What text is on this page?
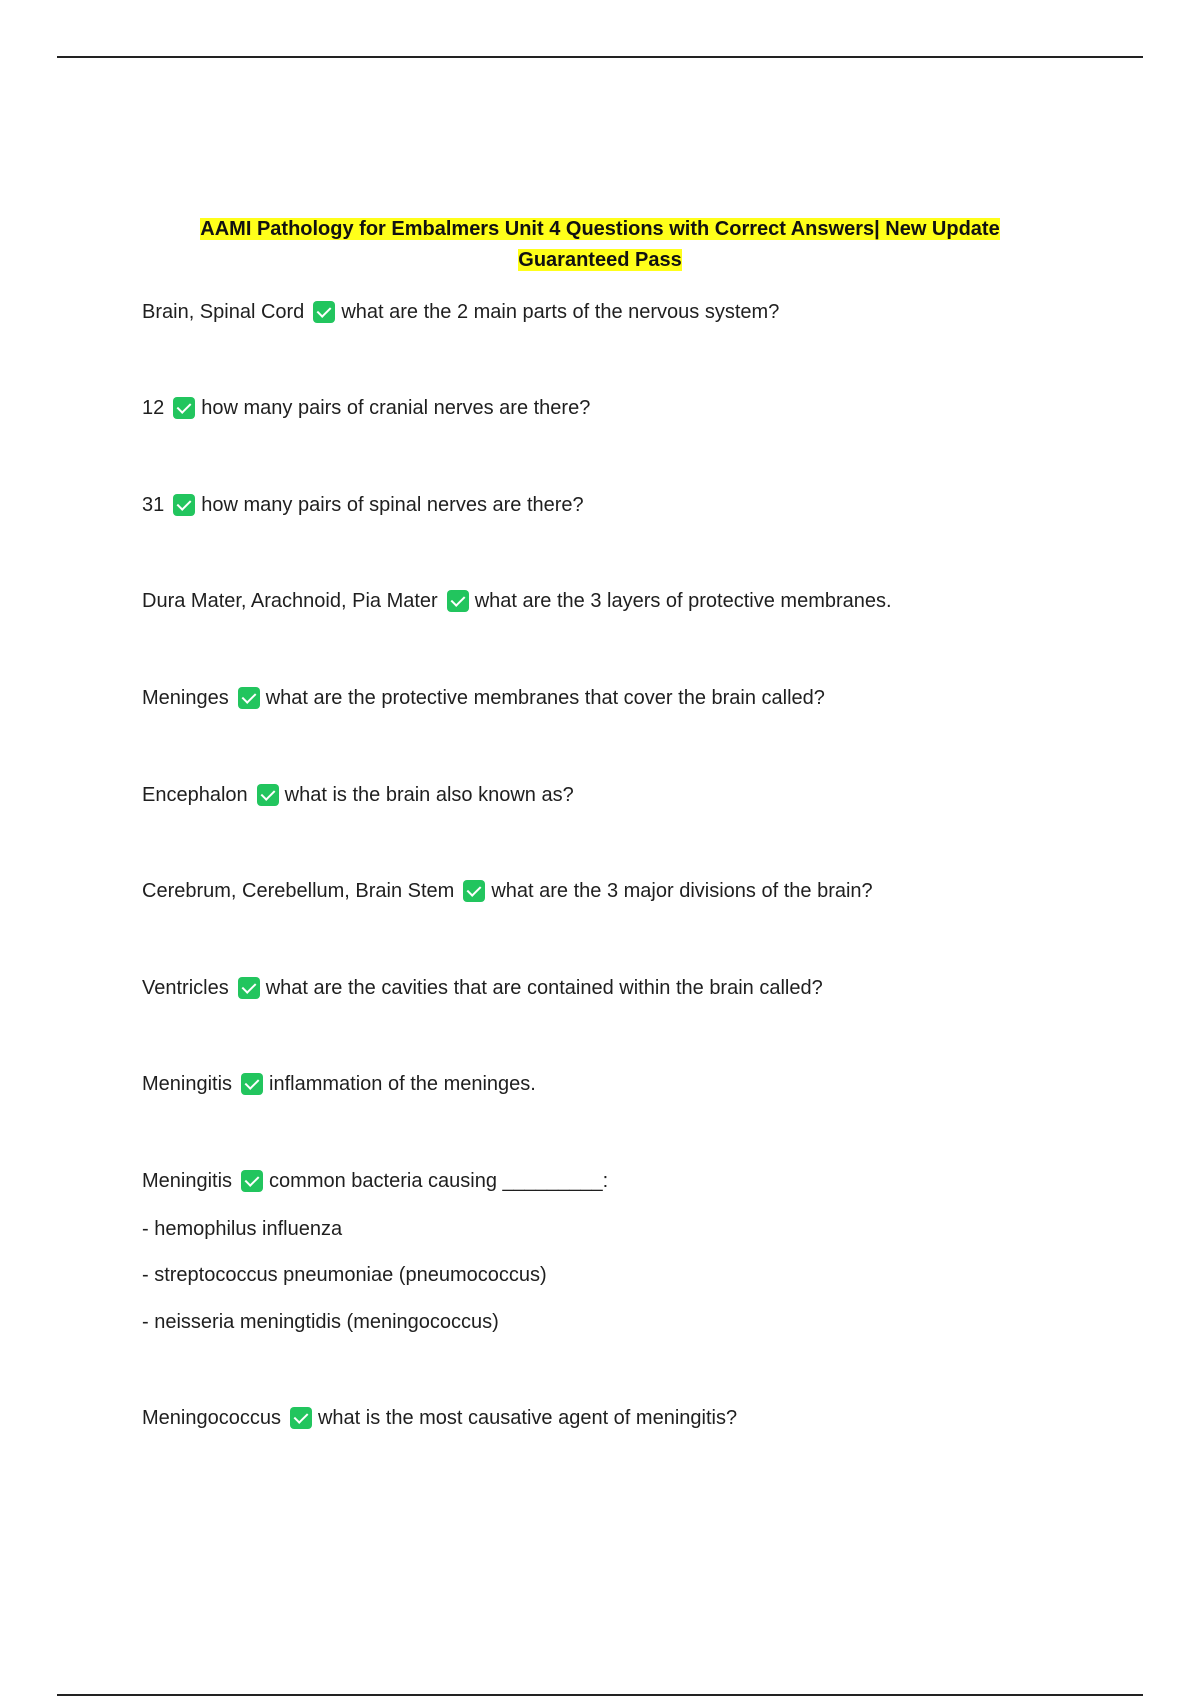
AAMI Pathology for Embalmers Unit 4 Questions with Correct Answers| New Update
Guaranteed Pass
Brain, Spinal Cord what are the 2 main parts of the nervous system?
12 how many pairs of cranial nerves are there?
31 how many pairs of spinal nerves are there?
Dura Mater, Arachnoid, Pia Mater what are the 3 layers of protective membranes.
Meninges what are the protective membranes that cover the brain called?
Encephalon what is the brain also known as?
Cerebrum, Cerebellum, Brain Stem what are the 3 major divisions of the brain?
Ventricles what are the cavities that are contained within the brain called?
Meningitis inflammation of the meninges.
Meningitis common bacteria causing _________:
- hemophilus influenza
- streptococcus pneumoniae (pneumococcus)
- neisseria meningtidis (meningococcus)
Meningococcus what is the most causative agent of meningitis?
